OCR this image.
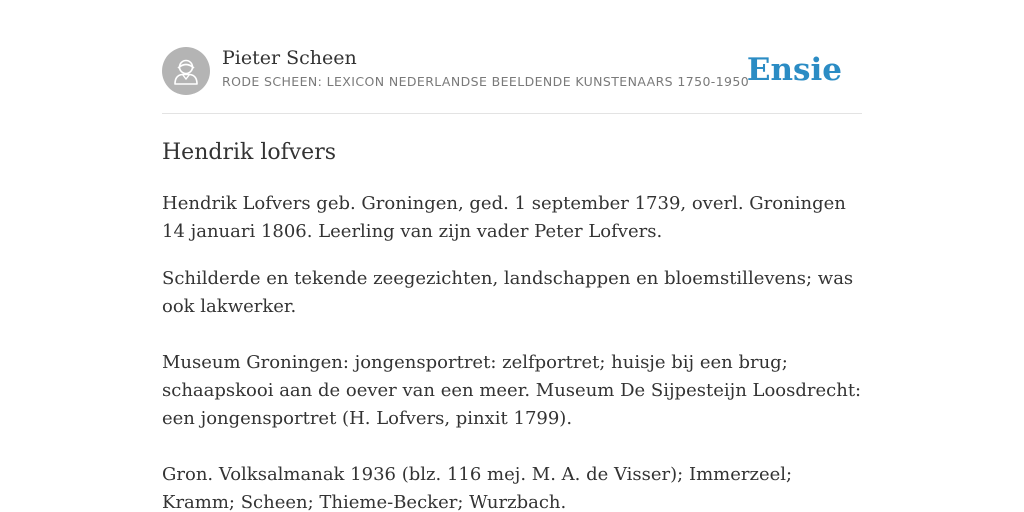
Pieter Scheen
RODE SCHEEN: LEXICON NEDERLANDSE BEELDENDE KUNSTENAARS 1750-1950
Ensie
Hendrik lofvers

Hendrik Lofvers geb. Groningen, ged. 1 september 1739, overl. Groningen 14 januari 1806. Leerling van zijn vader Peter Lofvers.

Schilderde en tekende zeegezichten, landschappen en bloemstillevens; was ook lakwerker.

Museum Groningen: jongensportret: zelfportret; huisje bij een brug; schaapskooi aan de oever van een meer. Museum De Sijpesteijn Loosdrecht: een jongensportret (H. Lofvers, pinxit 1799).

Gron. Volksalmanak 1936 (blz. 116 mej. M. A. de Visser); Immerzeel; Kramm; Scheen; Thieme-Becker; Wurzbach.
